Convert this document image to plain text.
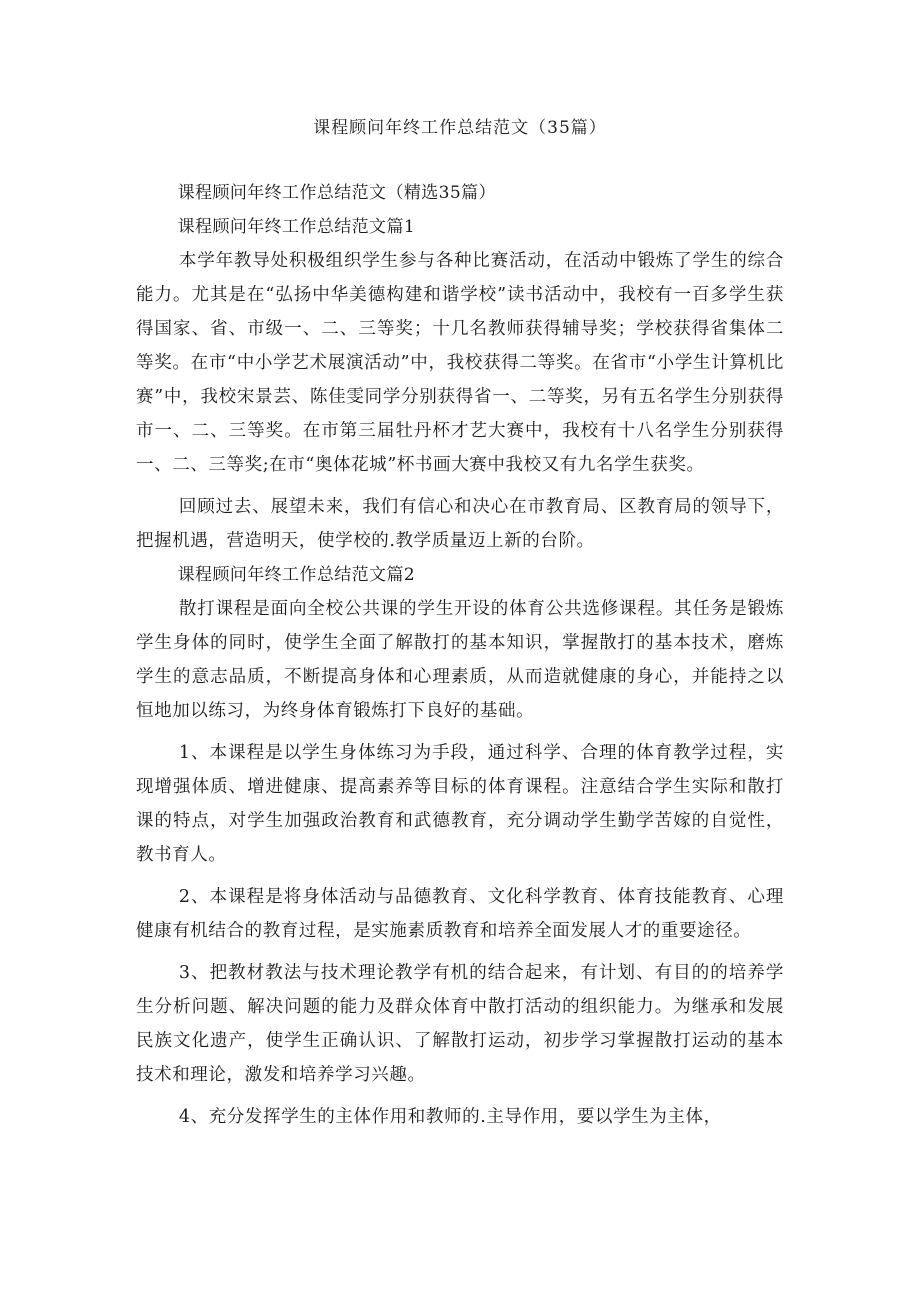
课程顾问年终工作总结范文（35篇）

课程顾问年终工作总结范文（精选35篇）

课程顾问年终工作总结范文篇1

本学年教导处积极组织学生参与各种比赛活动，在活动中锻炼了学生的综合能力。尤其是在“弘扬中华美德构建和谐学校”读书活动中，我校有一百多学生获得国家、省、市级一、二、三等奖；十几名教师获得辅导奖；学校获得省集体二等奖。在市“中小学艺术展演活动”中，我校获得二等奖。在省市“小学生计算机比赛”中，我校宋景芸、陈佳雯同学分别获得省一、二等奖，另有五名学生分别获得市一、二、三等奖。在市第三届牡丹杯才艺大赛中，我校有十八名学生分别获得一、二、三等奖;在市“奥体花城”杯书画大赛中我校又有九名学生获奖。

回顾过去、展望未来，我们有信心和决心在市教育局、区教育局的领导下，把握机遇，营造明天，使学校的.教学质量迈上新的台阶。

课程顾问年终工作总结范文篇2

散打课程是面向全校公共课的学生开设的体育公共选修课程。其任务是锻炼学生身体的同时，使学生全面了解散打的基本知识，掌握散打的基本技术，磨炼学生的意志品质，不断提高身体和心理素质，从而造就健康的身心，并能持之以恒地加以练习，为终身体育锻炼打下良好的基础。

1、本课程是以学生身体练习为手段，通过科学、合理的体育教学过程，实现增强体质、增进健康、提高素养等目标的体育课程。注意结合学生实际和散打课的特点，对学生加强政治教育和武德教育，充分调动学生勤学苦嫁的自觉性，教书育人。

2、本课程是将身体活动与品德教育、文化科学教育、体育技能教育、心理健康有机结合的教育过程，是实施素质教育和培养全面发展人才的重要途径。

3、把教材教法与技术理论教学有机的结合起来，有计划、有目的的培养学生分析问题、解决问题的能力及群众体育中散打活动的组织能力。为继承和发展民族文化遗产，使学生正确认识、了解散打运动，初步学习掌握散打运动的基本技术和理论，激发和培养学习兴趣。

4、充分发挥学生的主体作用和教师的.主导作用，要以学生为主体，
